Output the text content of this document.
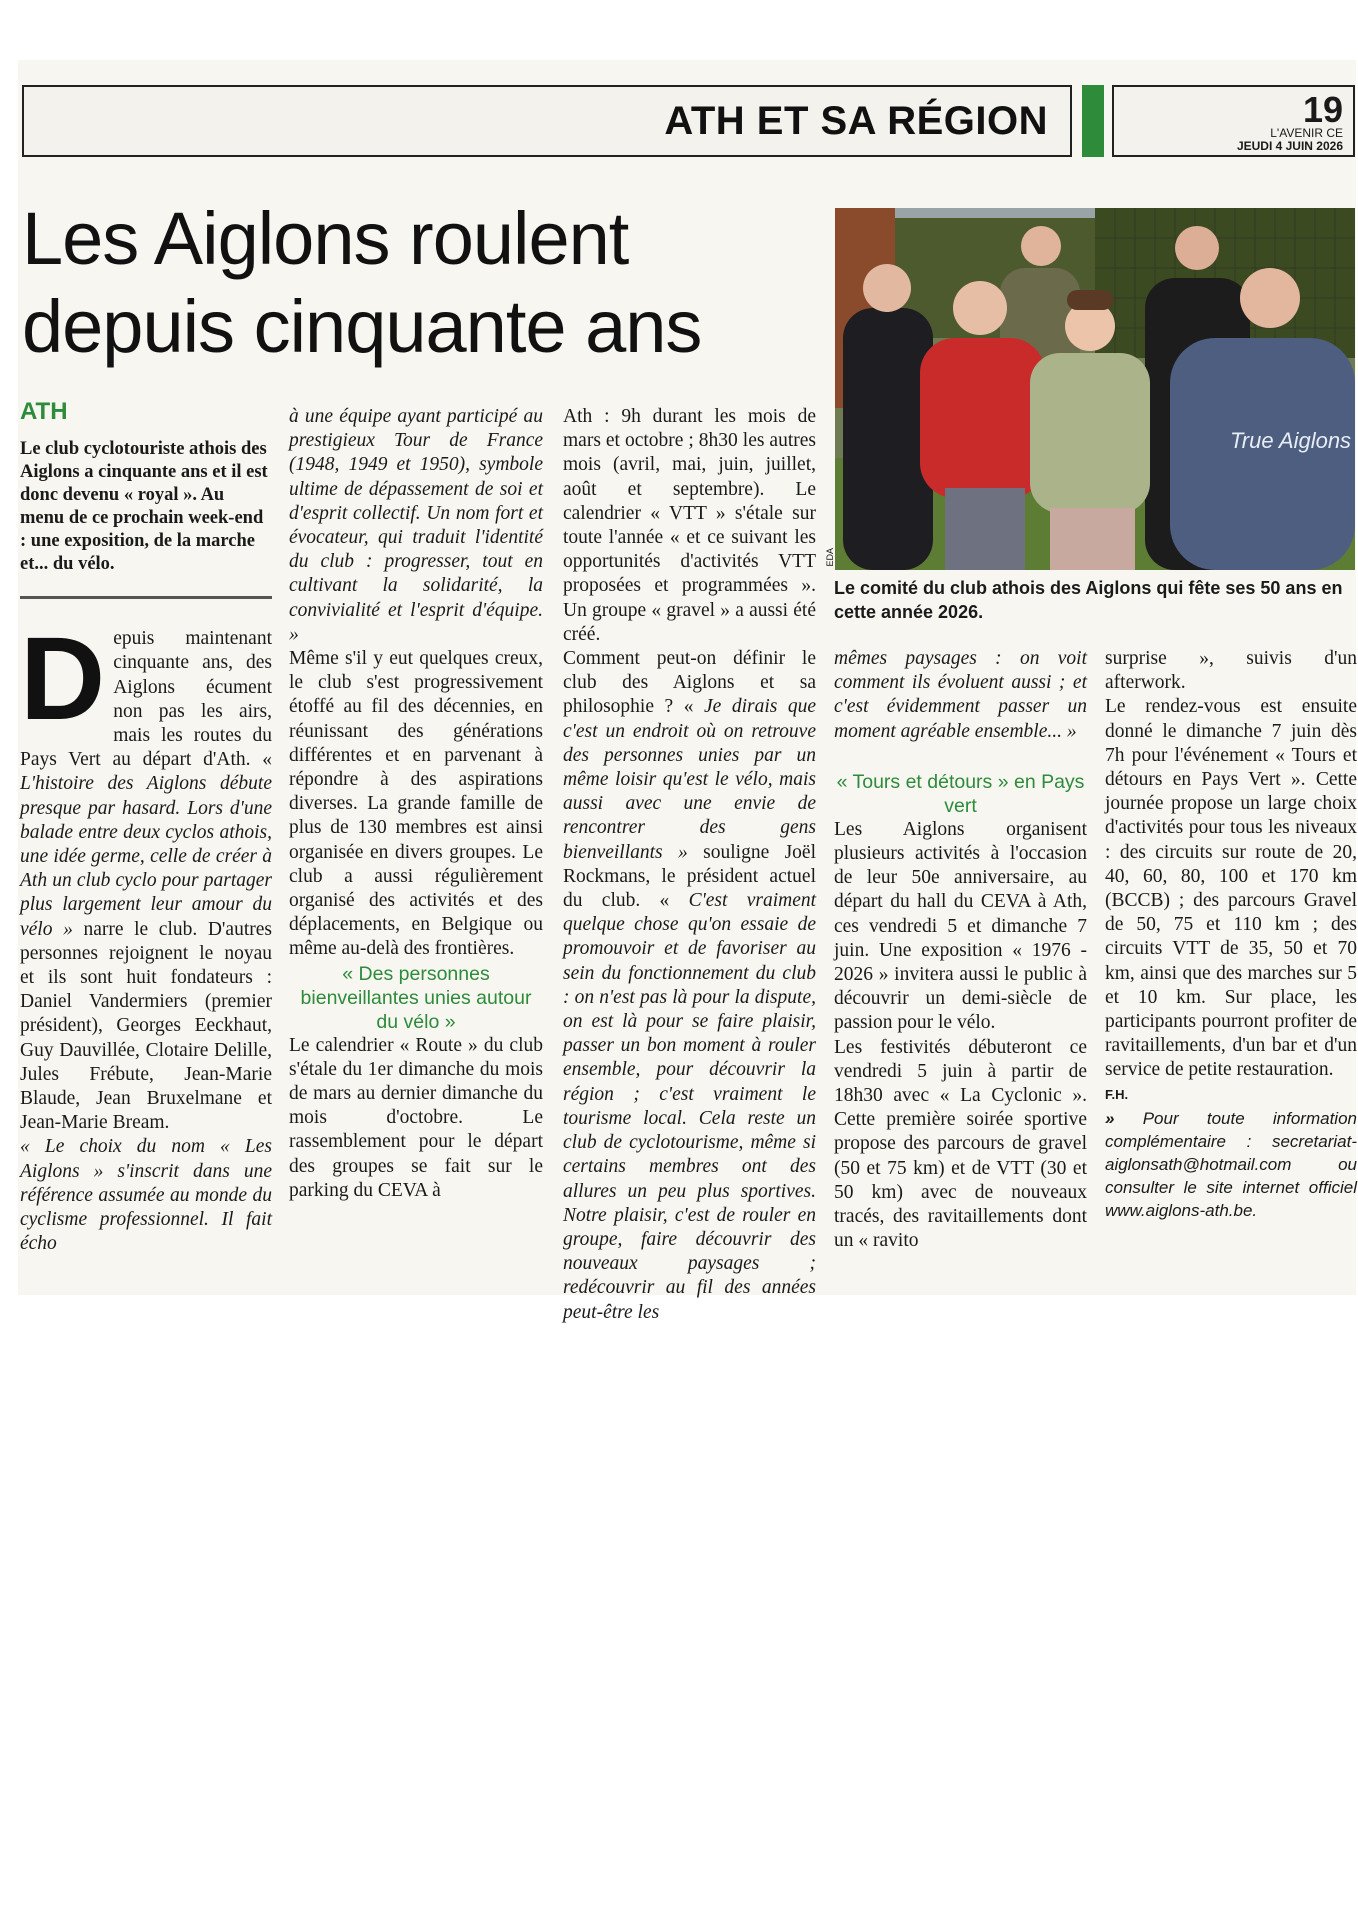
ATH ET SA RÉGION	19
L'AVENIR CE
JEUDI 4 JUIN 2026
Les Aiglons roulent depuis cinquante ans
True Aiglons
EDA
Le comité du club athois des Aiglons qui fête ses 50 ans en cette année 2026.
ATH

Le club cyclotouriste athois des Aiglons a cinquante ans et il est donc devenu « royal ». Au menu de ce prochain week-end : une exposition, de la marche et... du vélo.

Depuis maintenant cinquante ans, des Aiglons écument non pas les airs, mais les routes du Pays Vert au départ d'Ath. « L'histoire des Aiglons débute presque par hasard. Lors d'une balade entre deux cyclos athois, une idée germe, celle de créer à Ath un club cyclo pour partager plus largement leur amour du vélo » narre le club. D'autres personnes rejoignent le noyau et ils sont huit fondateurs : Daniel Vandermiers (premier président), Georges Eeckhaut, Guy Dauvillée, Clotaire Delille, Jules Frébute, Jean-Marie Blaude, Jean Bruxelmane et Jean-Marie Bream.

« Le choix du nom « Les Aiglons » s'inscrit dans une référence assumée au monde du cyclisme professionnel. Il fait écho

à une équipe ayant participé au prestigieux Tour de France (1948, 1949 et 1950), symbole ultime de dépassement de soi et d'esprit collectif. Un nom fort et évocateur, qui traduit l'identité du club : progresser, tout en cultivant la solidarité, la convivialité et l'esprit d'équipe. »

Même s'il y eut quelques creux, le club s'est progressivement étoffé au fil des décennies, en réunissant des générations différentes et en parvenant à répondre à des aspirations diverses. La grande famille de plus de 130 membres est ainsi organisée en divers groupes. Le club a aussi régulièrement organisé des activités et des déplacements, en Belgique ou même au-delà des frontières.

« Des personnes bienveillantes unies autour du vélo »

Le calendrier « Route » du club s'étale du 1er dimanche du mois de mars au dernier dimanche du mois d'octobre. Le rassemblement pour le départ des groupes se fait sur le parking du CEVA à

Ath : 9h durant les mois de mars et octobre ; 8h30 les autres mois (avril, mai, juin, juillet, août et septembre). Le calendrier « VTT » s'étale sur toute l'année « et ce suivant les opportunités d'activités VTT proposées et programmées ». Un groupe « gravel » a aussi été créé.

Comment peut-on définir le club des Aiglons et sa philosophie ? « Je dirais que c'est un endroit où on retrouve des personnes unies par un même loisir qu'est le vélo, mais aussi avec une envie de rencontrer des gens bienveillants » souligne Joël Rockmans, le président actuel du club. « C'est vraiment quelque chose qu'on essaie de promouvoir et de favoriser au sein du fonctionnement du club : on n'est pas là pour la dispute, on est là pour se faire plaisir, passer un bon moment à rouler ensemble, pour découvrir la région ; c'est vraiment le tourisme local. Cela reste un club de cyclotourisme, même si certains membres ont des allures un peu plus sportives. Notre plaisir, c'est de rouler en groupe, faire découvrir des nouveaux paysages ; redécouvrir au fil des années peut-être les

mêmes paysages : on voit comment ils évoluent aussi ; et c'est évidemment passer un moment agréable ensemble... »

« Tours et détours » en Pays vert

Les Aiglons organisent plusieurs activités à l'occasion de leur 50e anniversaire, au départ du hall du CEVA à Ath, ces vendredi 5 et dimanche 7 juin. Une exposition « 1976 - 2026 » invitera aussi le public à découvrir un demi-siècle de passion pour le vélo.

Les festivités débuteront ce vendredi 5 juin à partir de 18h30 avec « La Cyclonic ». Cette première soirée sportive propose des parcours de gravel (50 et 75 km) et de VTT (30 et 50 km) avec de nouveaux tracés, des ravitaillements dont un « ravito

surprise », suivis d'un afterwork.

Le rendez-vous est ensuite donné le dimanche 7 juin dès 7h pour l'événement « Tours et détours en Pays Vert ». Cette journée propose un large choix d'activités pour tous les niveaux : des circuits sur route de 20, 40, 60, 80, 100 et 170 km (BCCB) ; des parcours Gravel de 50, 75 et 110 km ; des circuits VTT de 35, 50 et 70 km, ainsi que des marches sur 5 et 10 km. Sur place, les participants pourront profiter de ravitaillements, d'un bar et d'un service de petite restauration.

F.H.

» Pour toute information complémentaire : secretariat-aiglonsath@hotmail.com ou consulter le site internet officiel www.aiglons-ath.be.
